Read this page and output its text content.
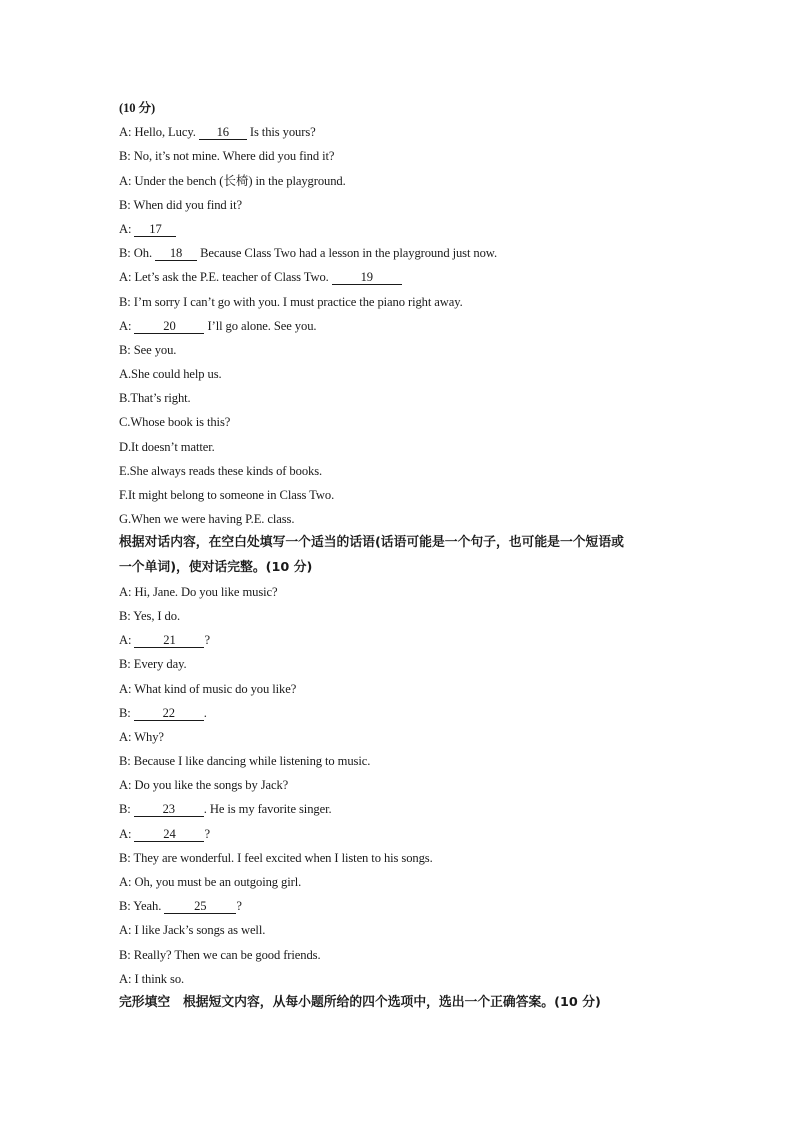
(10 分)
A: Hello, Lucy. 16 Is this yours?
B: No, it’s not mine. Where did you find it?
A: Under the bench (长椅) in the playground.
B: When did you find it?
A: 17
B: Oh. 18 Because Class Two had a lesson in the playground just now.
A: Let’s ask the P.E. teacher of Class Two. 19
B: I’m sorry I can’t go with you. I must practice the piano right away.
A:	20 I’ll go alone. See you.
B: See you.
A.She could help us.
B.That’s right.
C.Whose book is this?
D.It doesn’t matter.
E.She always reads these kinds of books.
F.It might belong to someone in Class Two.
G.When we were having P.E. class.
根据对话内容，在空白处填写一个适当的话语(话语可能是一个句子，也可能是一个短语或
一个单词)，使对话完整。(10 分)
A: Hi, Jane. Do you like music?
B: Yes, I do.
A:	21 ?
B: Every day.
A: What kind of music do you like?
B:	22 .
A: Why?
B: Because I like dancing while listening to music.
A: Do you like the songs by Jack?
B:	23 . He is my favorite singer.
A:	24 ?
B: They are wonderful. I feel excited when I listen to his songs.
A: Oh, you must be an outgoing girl.
B: Yeah. 25 ?
A: I like Jack’s songs as well.
B: Really? Then we can be good friends.
A: I think so.
完形填空　根据短文内容，从每小题所给的四个选项中，选出一个正确答案。(10 分)
